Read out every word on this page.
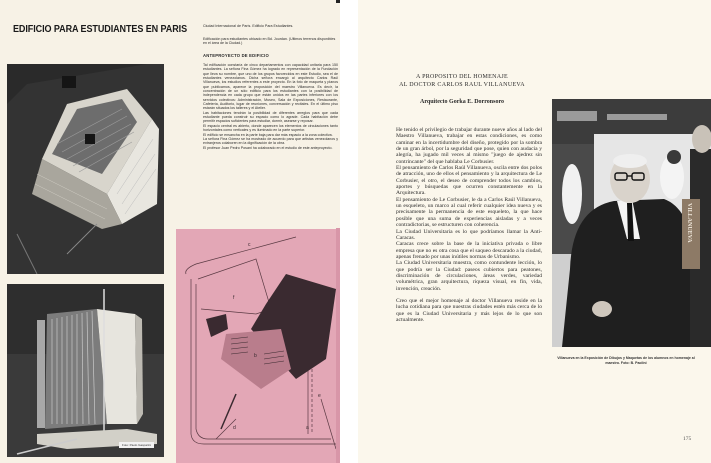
EDIFICIO PARA ESTUDIANTES EN PARIS	Ciudad Internacional de París. Edificio Para Estudiantes.
Edificación para estudiantes ubicado en Bd. Jourdan. (Ultimos terrenos disponibles en el área de la Ciudad.)
ANTEPROYECTO DE EDIFICIO

Tal edificación constaría de cinco departamentos con capacidad unitaria para 150 estudiantes. La señora Fina Gómez ha logrado en representación de la Fundación que lleva su nombre, que uno de los grupos favorecidos en este Estudio, sea el de estudiantes venezolanos. Dicha señora encargó al arquitecto Carlos Raúl Villanueva, los estudios referentes a este proyecto. En la foto de maqueta y planos que publicamos, aparece la proposición del maestro Villanueva. Es decir, la concentración de un sólo edificio para los estudiantes con la posibilidad de independencia en cada grupo que están unidos en las partes inferiores con los servicios colectivos: Administración, Museo, Sala de Exposiciones, Restaurante, Cafetería, Auditorio, lugar de reuniones, conversación y recitales. En el último piso estarán situados los talleres y el Atelier.

Las habitaciones tendrán la posibilidad de diferentes arreglos para que cada estudiante pueda construir su espacio como lo agrade. Cada habitación debe permitir espacios suficientes para estudiar, dormir, asearse y reposar.

El espacio central es abierto, donde aparecen los elementos de circulaciones tanto horizontales como verticales y es iluminado en la parte superior.

El edificio se ensancha en la parte baja para dar más espacio a la zona colectiva.

La señora Fina Gómez se ha mostrado de acuerdo para que artistas venezolanos y extranjeros colaboren en la dignificación de la obra.

El profesor Juan Pedro Posani ha colaborado en el estudio de este anteproyecto.

Foto: Paolo Gasparini
c
f
b
d	a
e
A PROPOSITO DEL HOMENAJE
AL DOCTOR CARLOS RAUL VILLANUEVA
Arquitecto Gorka E. Dorronsoro

He tenido el privilegio de trabajar durante nueve años al lado del Maestro Villanueva, trabajar en estas condiciones, es como caminar en la incertidumbre del diseño, protegido por la sombra de un gran árbol, por la seguridad que pose, quien con audacia y alegría, ha jugado mil veces al mismo "juego de ajedrez sin contrincante" del que hablaba Le Corbusier.

El pensamiento de Carlos Raúl Villanueva, oscila entre dos polos de atracción, uno de ellos el pensamiento y la arquitectura de Le Corbusier, el otro, el deseo de comprender todos los cambios, aportes y búsquedas que ocurren constantemente en la Arquitectura.

El pensamiento de Le Corbusier, le da a Carlos Raúl Villanueva, un esqueleto, un marco al cual referir cualquier idea nueva y es precisamente la permanencia de este esqueleto, la que hace posible que una suma de experiencias aisladas y a veces contradictorias, se estructuren con coherencia.

La Ciudad Universitaria es lo que podríamos llamar la Anti-Caracas.

Caracas crece sobre la base de la iniciativa privada o libre empresa que no es otra cosa que el saqueo descarado a la ciudad, apenas frenado por unas inútiles normas de Urbanismo.

La Ciudad Universitaria muestra, como contundente lección, lo que podría ser la Ciudad: paseos cubiertos para peatones, discriminación de circulaciones, áreas verdes, variedad volumétrica, gran arquitectura, riqueza visual, en fin, vida, invención, creación.

Creo que el mejor homenaje al doctor Villanueva reside en la lucha cotidiana para que nuestras ciudades estén más cerca de lo que es la Ciudad Universitaria y más lejos de lo que son actualmente.

VILLANUEVA
Villanueva en la Exposición de Dibujos y Maquetas de los alumnos en homenaje al maestro. Foto: B. Paolini
175
